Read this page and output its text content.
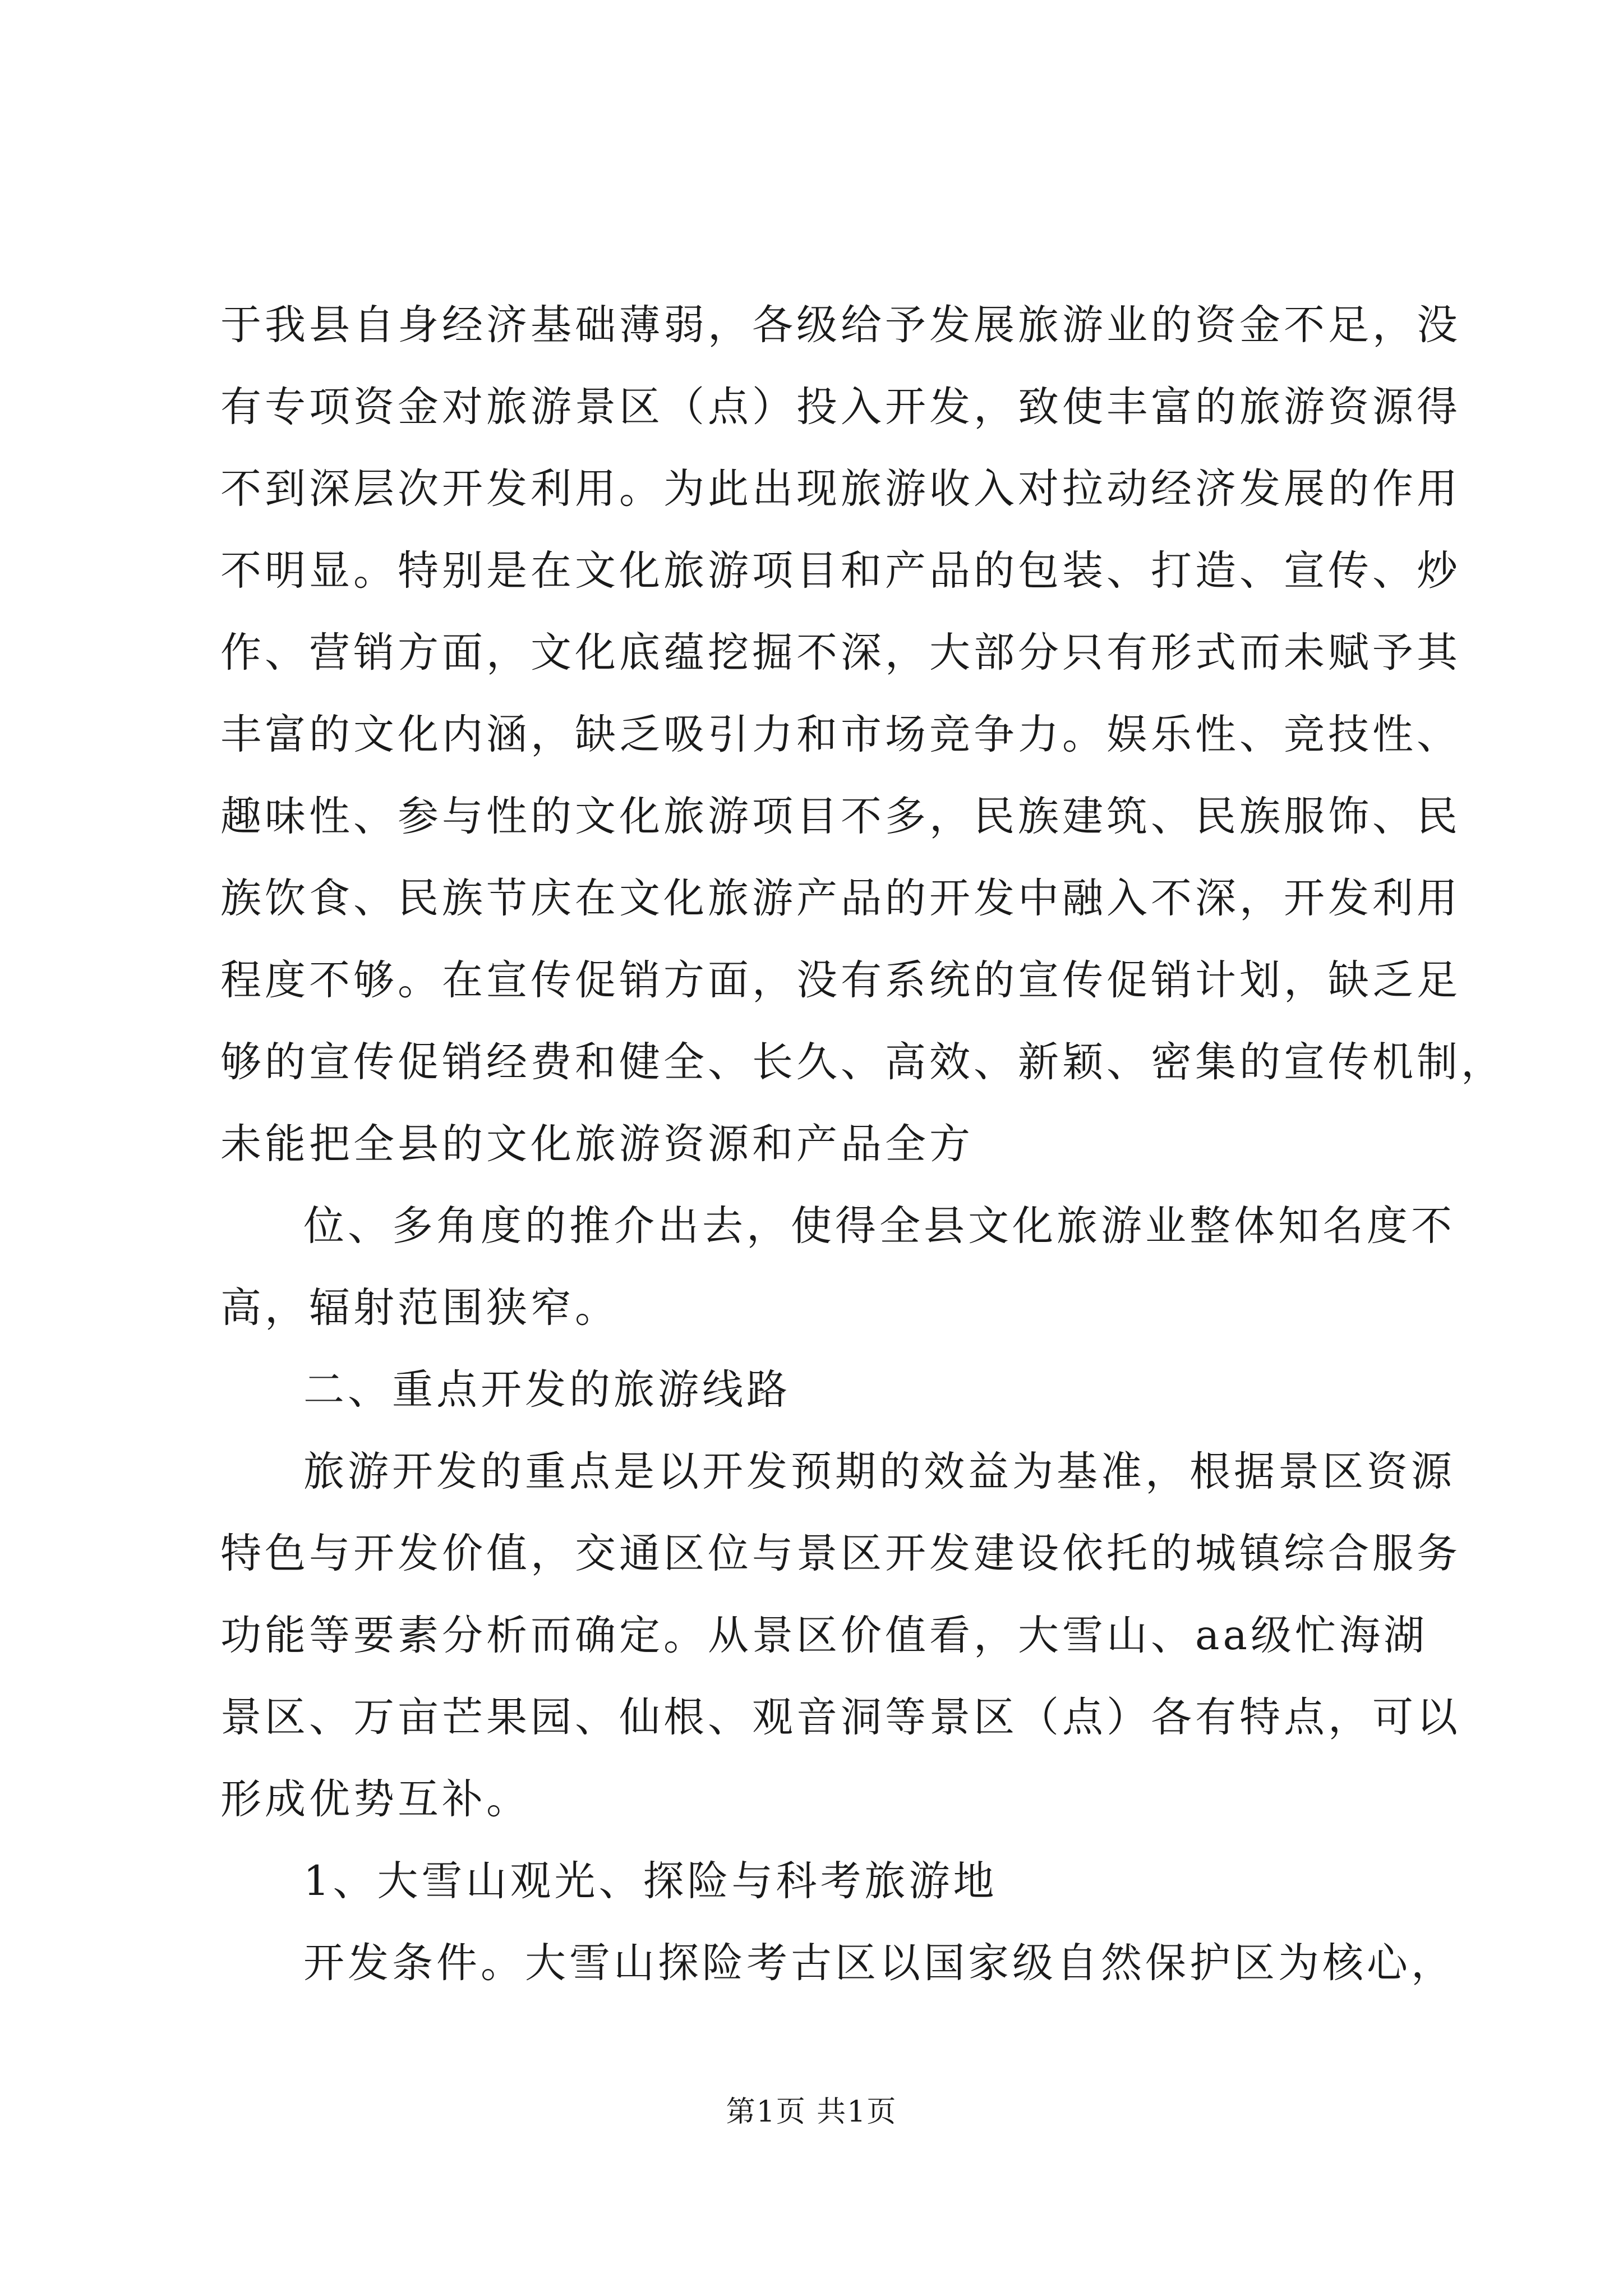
于我县自身经济基础薄弱，各级给予发展旅游业的资金不足，没
有专项资金对旅游景区（点）投入开发，致使丰富的旅游资源得
不到深层次开发利用。为此出现旅游收入对拉动经济发展的作用
不明显。特别是在文化旅游项目和产品的包装、打造、宣传、炒
作、营销方面，文化底蕴挖掘不深，大部分只有形式而未赋予其
丰富的文化内涵，缺乏吸引力和市场竞争力。娱乐性、竞技性、
趣味性、参与性的文化旅游项目不多，民族建筑、民族服饰、民
族饮食、民族节庆在文化旅游产品的开发中融入不深，开发利用
程度不够。在宣传促销方面，没有系统的宣传促销计划，缺乏足
够的宣传促销经费和健全、长久、高效、新颖、密集的宣传机制，
未能把全县的文化旅游资源和产品全方
位、多角度的推介出去，使得全县文化旅游业整体知名度不
高，辐射范围狭窄。
二、重点开发的旅游线路
旅游开发的重点是以开发预期的效益为基准，根据景区资源
特色与开发价值，交通区位与景区开发建设依托的城镇综合服务
功能等要素分析而确定。从景区价值看，大雪山、aa级忙海湖
景区、万亩芒果园、仙根、观音洞等景区（点）各有特点，可以
形成优势互补。
1、大雪山观光、探险与科考旅游地
开发条件。大雪山探险考古区以国家级自然保护区为核心，
第1页 共1页
